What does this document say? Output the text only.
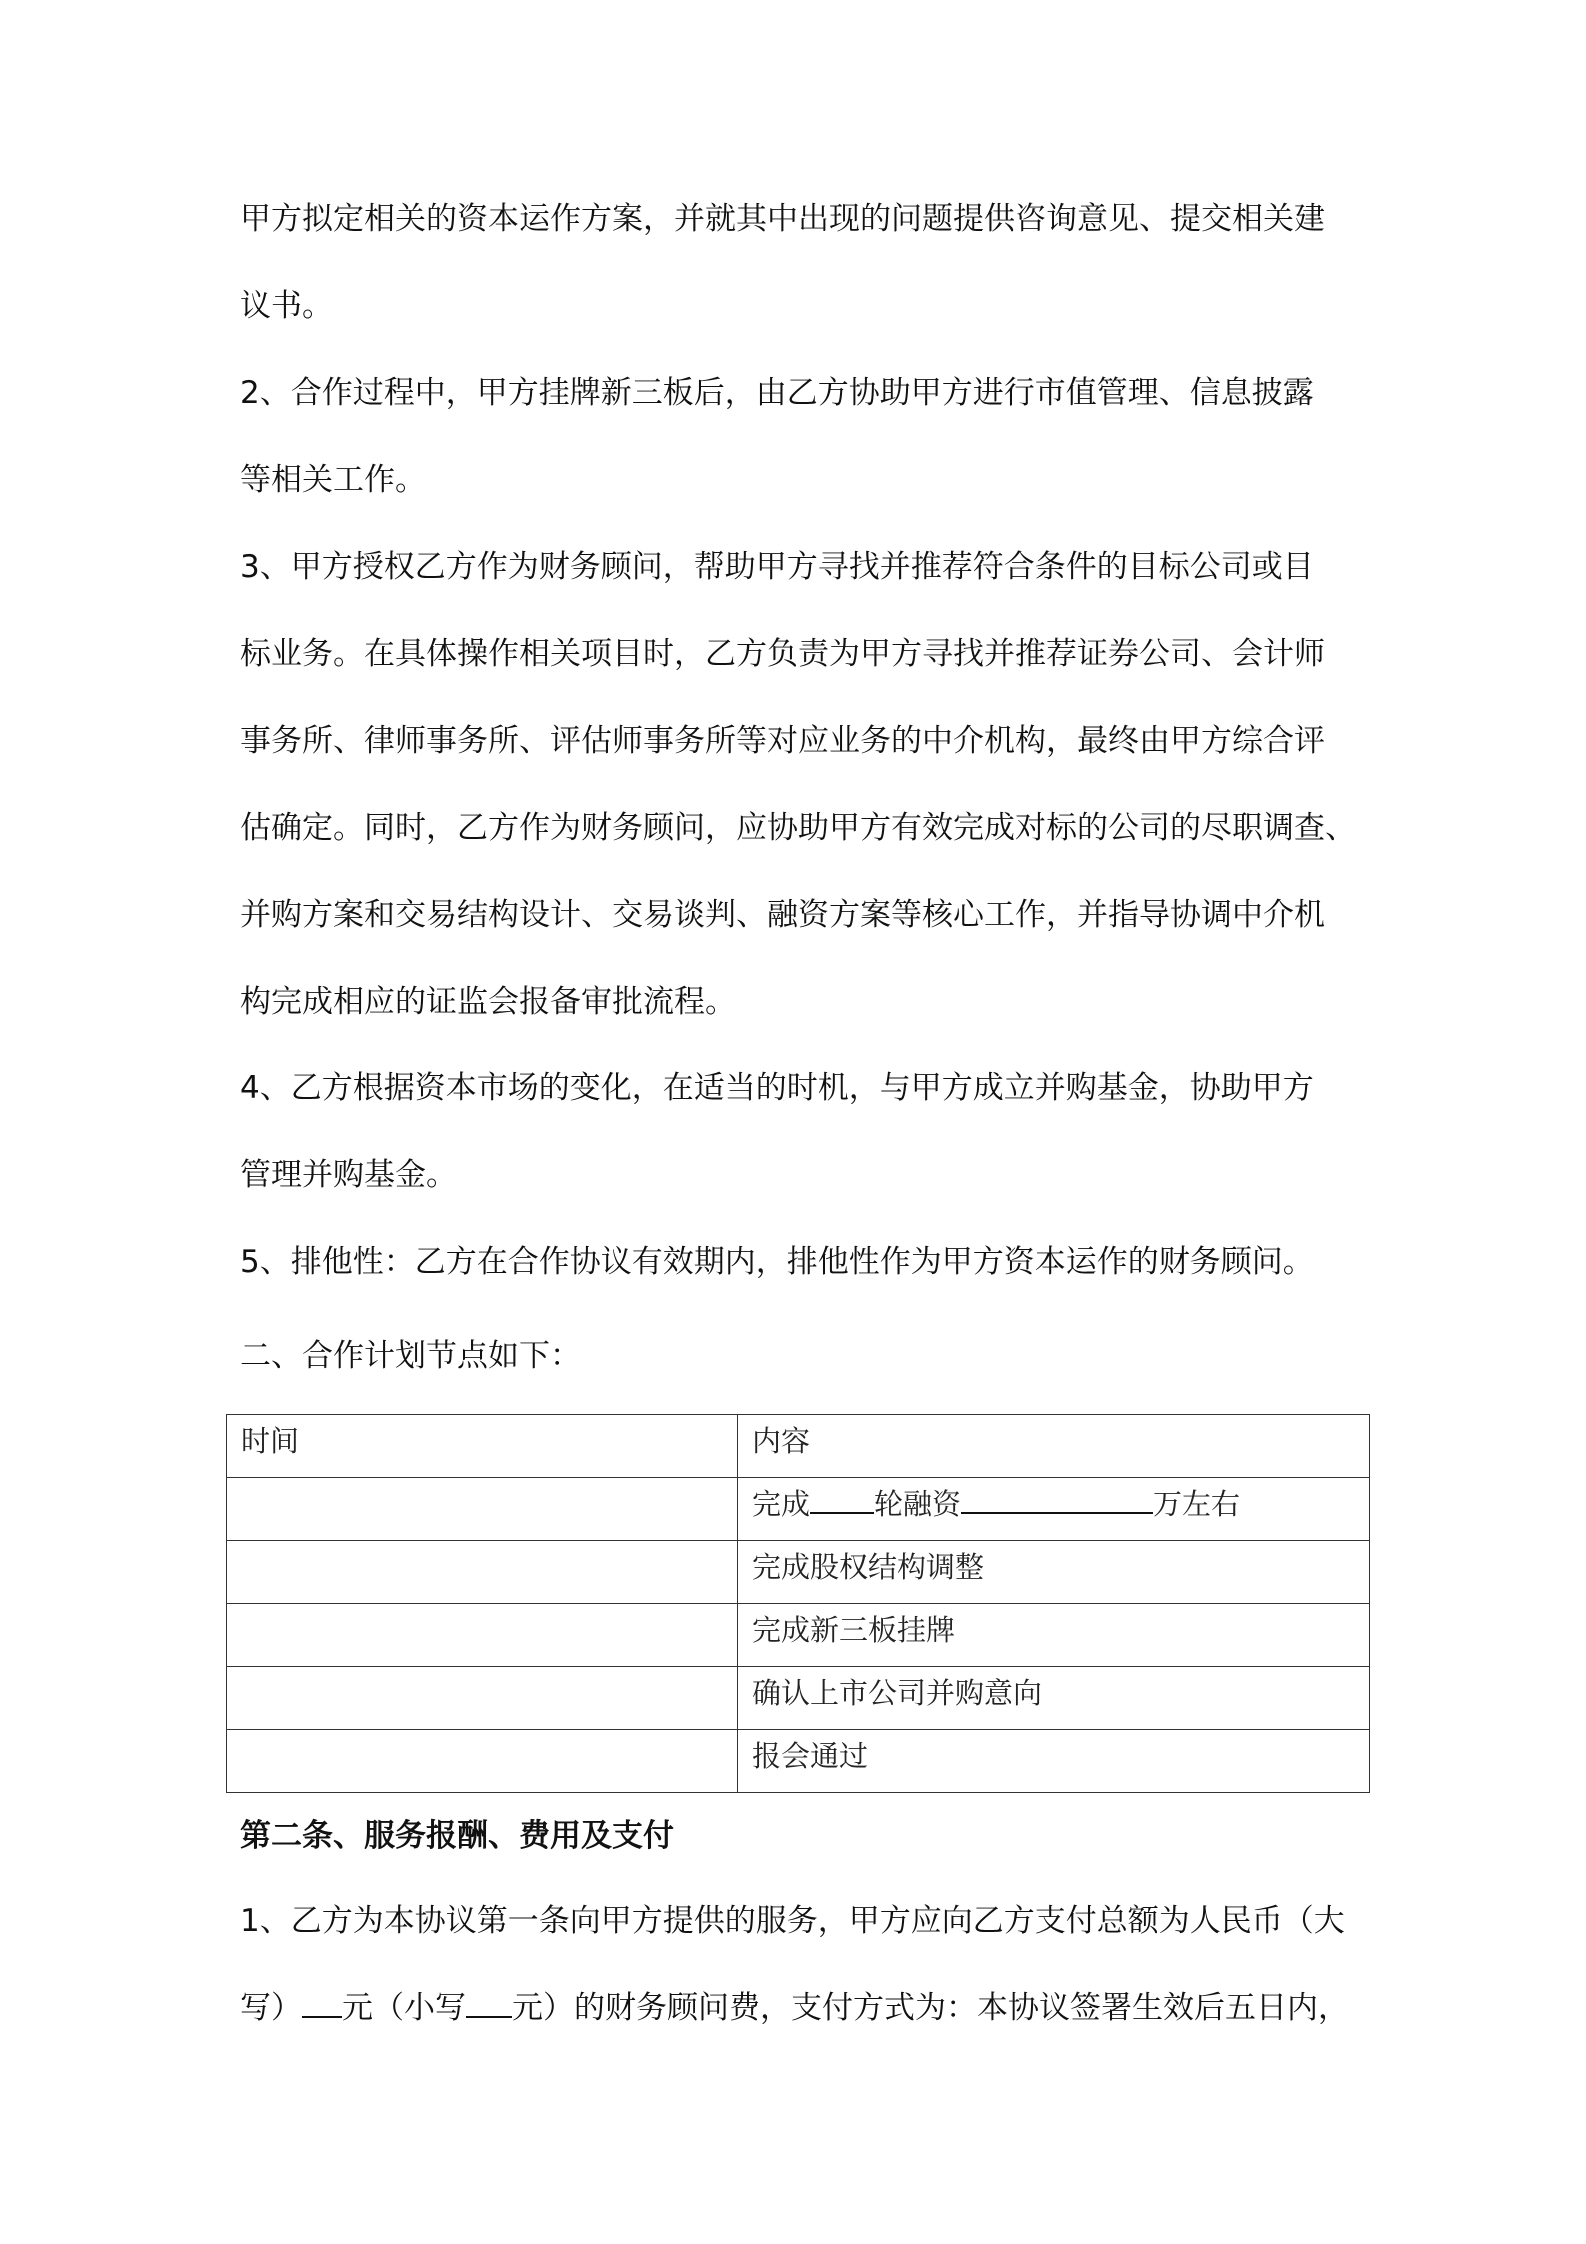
甲方拟定相关的资本运作方案，并就其中出现的问题提供咨询意见、提交相关建
议书。
2、合作过程中，甲方挂牌新三板后，由乙方协助甲方进行市值管理、信息披露
等相关工作。
3、甲方授权乙方作为财务顾问，帮助甲方寻找并推荐符合条件的目标公司或目
标业务。在具体操作相关项目时，乙方负责为甲方寻找并推荐证券公司、会计师
事务所、律师事务所、评估师事务所等对应业务的中介机构，最终由甲方综合评
估确定。同时，乙方作为财务顾问，应协助甲方有效完成对标的公司的尽职调查、
并购方案和交易结构设计、交易谈判、融资方案等核心工作，并指导协调中介机
构完成相应的证监会报备审批流程。
4、乙方根据资本市场的变化，在适当的时机，与甲方成立并购基金，协助甲方
管理并购基金。
5、排他性：乙方在合作协议有效期内，排他性作为甲方资本运作的财务顾问。

二、合作计划节点如下：

时间	内容
	完成 轮融资 万左右
	完成股权结构调整
	完成新三板挂牌
	确认上市公司并购意向
	报会通过

第二条、服务报酬、费用及支付

1、乙方为本协议第一条向甲方提供的服务，甲方应向乙方支付总额为人民币（大
写） 元（小写 元）的财务顾问费，支付方式为：本协议签署生效后五日内，
